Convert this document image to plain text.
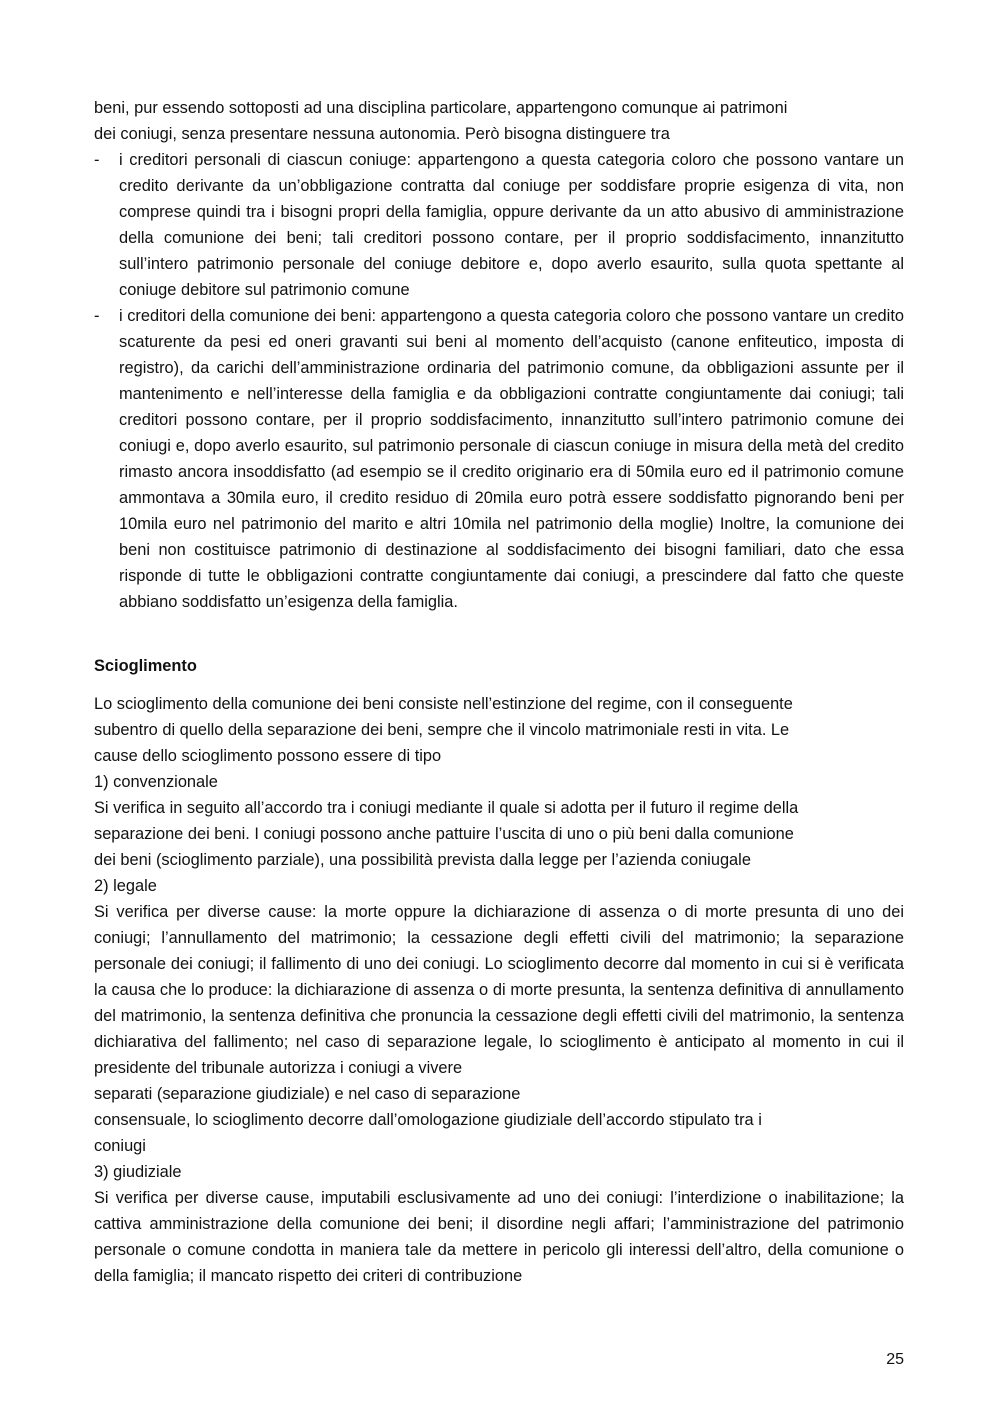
beni, pur essendo sottoposti ad una disciplina particolare, appartengono comunque ai patrimoni

dei coniugi, senza presentare nessuna autonomia. Però bisogna distinguere tra

-	i creditori personali di ciascun coniuge: appartengono a questa categoria coloro che possono vantare un credito derivante da un’obbligazione contratta dal coniuge per soddisfare proprie esigenza di vita, non comprese quindi tra i bisogni propri della famiglia, oppure derivante da un atto abusivo di amministrazione della comunione dei beni; tali creditori possono contare, per il proprio soddisfacimento, innanzitutto sull’intero patrimonio personale del coniuge debitore e, dopo averlo esaurito, sulla quota spettante al coniuge debitore sul patrimonio comune
-	i creditori della comunione dei beni: appartengono a questa categoria coloro che possono vantare un credito scaturente da pesi ed oneri gravanti sui beni al momento dell’acquisto (canone enfiteutico, imposta di registro), da carichi dell’amministrazione ordinaria del patrimonio comune, da obbligazioni assunte per il mantenimento e nell’interesse della famiglia e da obbligazioni contratte congiuntamente dai coniugi; tali creditori possono contare, per il proprio soddisfacimento, innanzitutto sull’intero patrimonio comune dei coniugi e, dopo averlo esaurito, sul patrimonio personale di ciascun coniuge in misura della metà del credito rimasto ancora insoddisfatto (ad esempio se il credito originario era di 50mila euro ed il patrimonio comune ammontava a 30mila euro, il credito residuo di 20mila euro potrà essere soddisfatto pignorando beni per 10mila euro nel patrimonio del marito e altri 10mila nel patrimonio della moglie) Inoltre, la comunione dei beni non costituisce patrimonio di destinazione al soddisfacimento dei bisogni familiari, dato che essa risponde di tutte le obbligazioni contratte congiuntamente dai coniugi, a prescindere dal fatto che queste abbiano soddisfatto un’esigenza della famiglia.

Scioglimento

Lo scioglimento della comunione dei beni consiste nell’estinzione del regime, con il conseguente

subentro di quello della separazione dei beni, sempre che il vincolo matrimoniale resti in vita. Le

cause dello scioglimento possono essere di tipo

1) convenzionale

Si verifica in seguito all’accordo tra i coniugi mediante il quale si adotta per il futuro il regime della

separazione dei beni. I coniugi possono anche pattuire l’uscita di uno o più beni dalla comunione

dei beni (scioglimento parziale), una possibilità prevista dalla legge per l’azienda coniugale

2) legale

Si verifica per diverse cause: la morte oppure la dichiarazione di assenza o di morte presunta di uno dei coniugi; l’annullamento del matrimonio; la cessazione degli effetti civili del matrimonio; la separazione personale dei coniugi; il fallimento di uno dei coniugi. Lo scioglimento decorre dal momento in cui si è verificata la causa che lo produce: la dichiarazione di assenza o di morte presunta, la sentenza definitiva di annullamento del matrimonio, la sentenza definitiva che pronuncia la cessazione degli effetti civili del matrimonio, la sentenza dichiarativa del fallimento; nel caso di separazione legale, lo scioglimento è anticipato al momento in cui il presidente del tribunale autorizza i coniugi a vivere

separati (separazione giudiziale) e nel caso di separazione

consensuale, lo scioglimento decorre dall’omologazione giudiziale dell’accordo stipulato tra i

coniugi

3) giudiziale

Si verifica per diverse cause, imputabili esclusivamente ad uno dei coniugi: l’interdizione o inabilitazione; la cattiva amministrazione della comunione dei beni; il disordine negli affari; l’amministrazione del patrimonio personale o comune condotta in maniera tale da mettere in pericolo gli interessi dell’altro, della comunione o della famiglia; il mancato rispetto dei criteri di contribuzione

25
